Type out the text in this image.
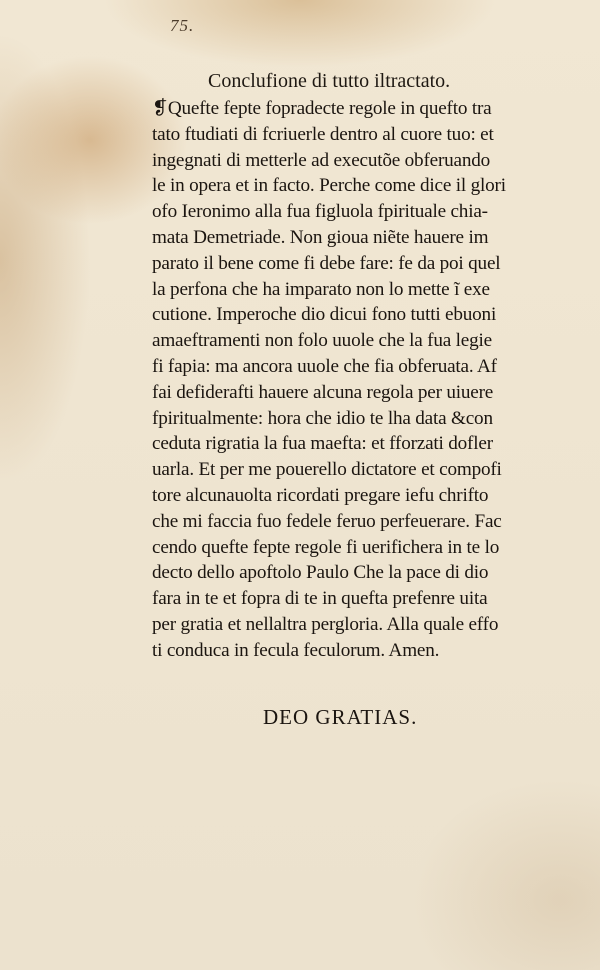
75.
Conclufione di tutto iltractato.
❡Quefte fepte fopradecte regole in quefto tra
tato ftudiati di fcriuerle dentro al cuore tuo: et
ingegnati di metterle ad executõe obferuando
le in opera et in facto. Perche come dice il glori
ofo Ieronimo alla fua figluola fpirituale chia-
mata Demetriade. Non gioua niẽte hauere im
parato il bene come fi debe fare: fe da poi quel
la perfona che ha imparato non lo mette ĩ exe
cutione. Imperoche dio dicui fono tutti ebuoni
amaeftramenti non folo uuole che la fua legie
fi fapia: ma ancora uuole che fia obferuata. Af
fai defiderafti hauere alcuna regola per uiuere
fpiritualmente: hora che idio te lha data &con
ceduta rigratia la fua maefta: et fforzati dofler
uarla. Et per me pouerello dictatore et compofi
tore alcunauolta ricordati pregare iefu chrifto
che mi faccia fuo fedele feruo perfeuerare. Fac
cendo quefte fepte regole fi uerifichera in te lo
decto dello apoftolo Paulo Che la pace di dio
fara in te et fopra di te in quefta prefenre uita
per gratia et nellaltra pergloria. Alla quale effo
ti conduca in fecula feculorum. Amen.
DEO GRATIAS.
